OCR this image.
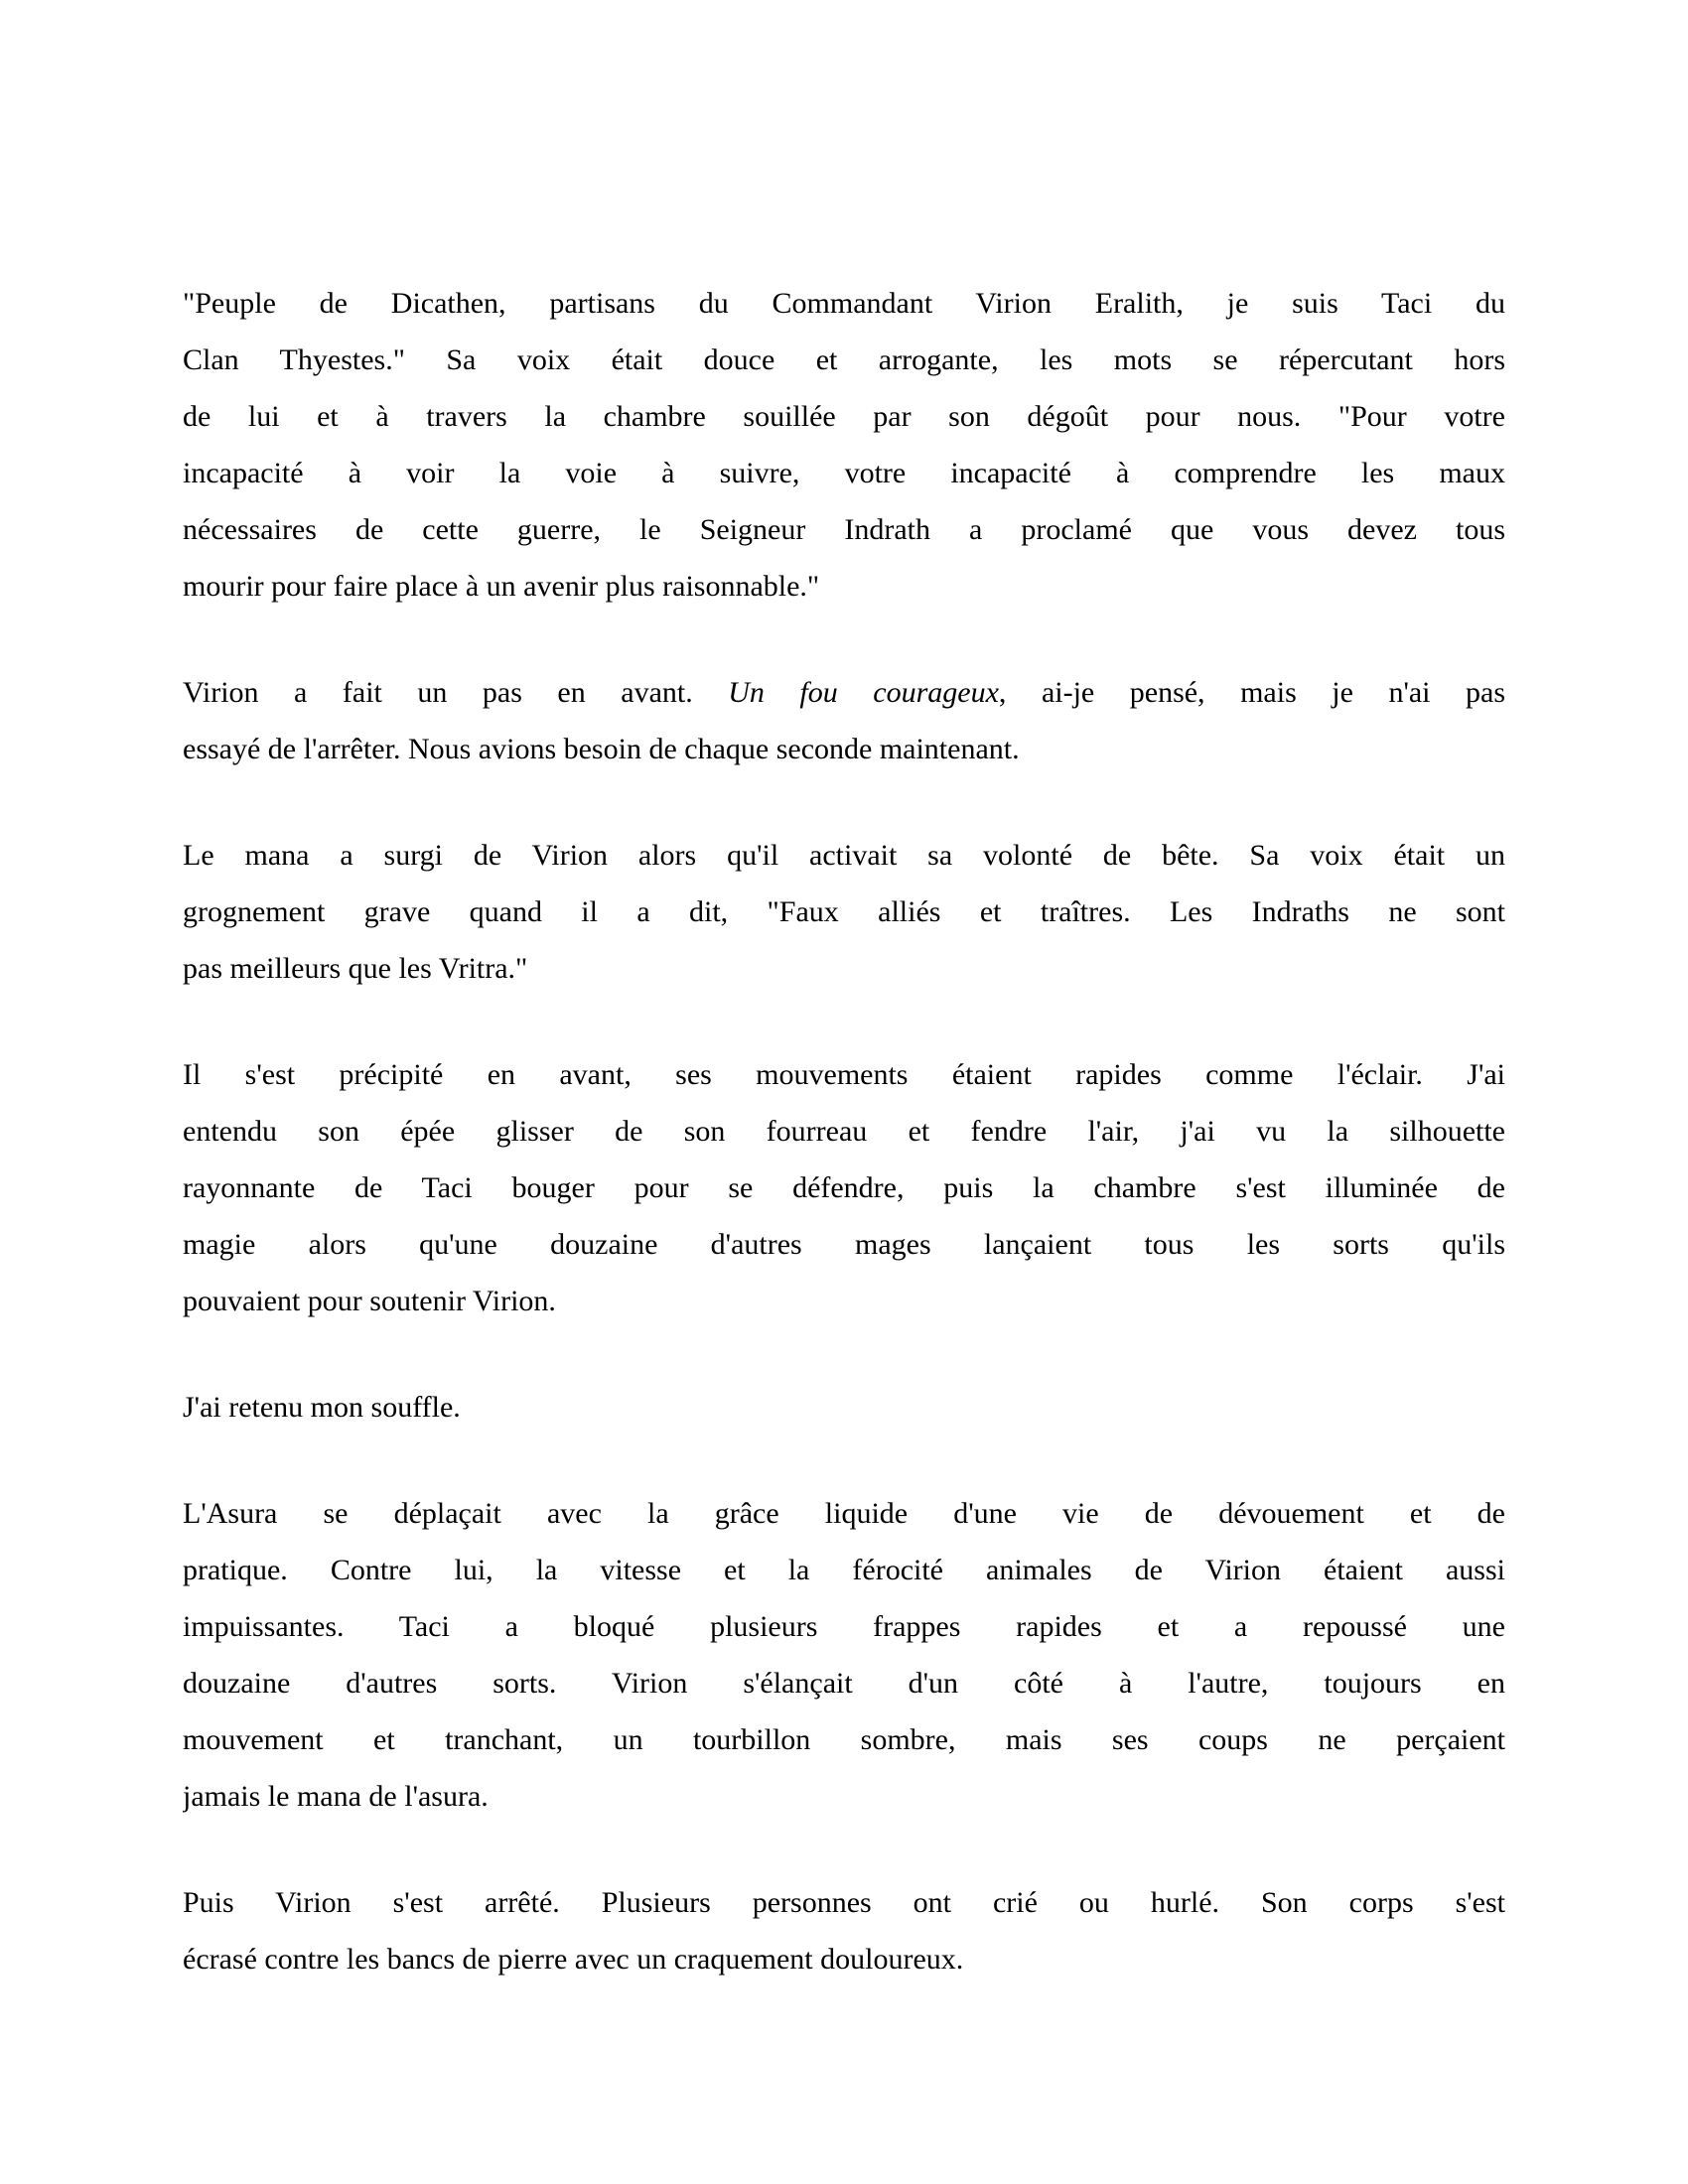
"Peuple de Dicathen, partisans du Commandant Virion Eralith, je suis Taci du
Clan Thyestes." Sa voix était douce et arrogante, les mots se répercutant hors
de lui et à travers la chambre souillée par son dégoût pour nous. "Pour votre
incapacité à voir la voie à suivre, votre incapacité à comprendre les maux
nécessaires de cette guerre, le Seigneur Indrath a proclamé que vous devez tous
mourir pour faire place à un avenir plus raisonnable."

Virion a fait un pas en avant. Un fou courageux, ai-je pensé, mais je n'ai pas
essayé de l'arrêter. Nous avions besoin de chaque seconde maintenant.

Le mana a surgi de Virion alors qu'il activait sa volonté de bête. Sa voix était un
grognement grave quand il a dit, "Faux alliés et traîtres. Les Indraths ne sont
pas meilleurs que les Vritra."

Il s'est précipité en avant, ses mouvements étaient rapides comme l'éclair. J'ai
entendu son épée glisser de son fourreau et fendre l'air, j'ai vu la silhouette
rayonnante de Taci bouger pour se défendre, puis la chambre s'est illuminée de
magie alors qu'une douzaine d'autres mages lançaient tous les sorts qu'ils
pouvaient pour soutenir Virion.

J'ai retenu mon souffle.

L'Asura se déplaçait avec la grâce liquide d'une vie de dévouement et de
pratique. Contre lui, la vitesse et la férocité animales de Virion étaient aussi
impuissantes. Taci a bloqué plusieurs frappes rapides et a repoussé une
douzaine d'autres sorts. Virion s'élançait d'un côté à l'autre, toujours en
mouvement et tranchant, un tourbillon sombre, mais ses coups ne perçaient
jamais le mana de l'asura.

Puis Virion s'est arrêté. Plusieurs personnes ont crié ou hurlé. Son corps s'est
écrasé contre les bancs de pierre avec un craquement douloureux.
